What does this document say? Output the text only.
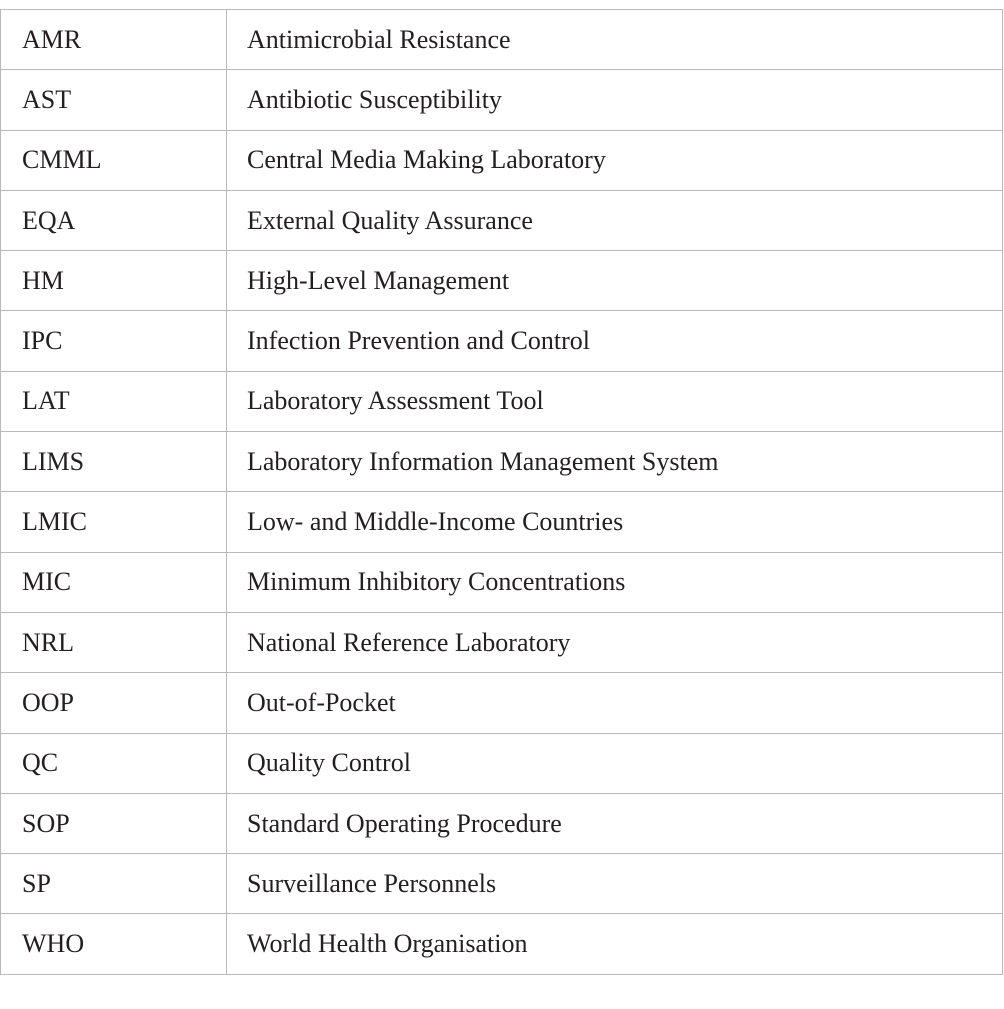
AMR	Antimicrobial Resistance
AST	Antibiotic Susceptibility
CMML	Central Media Making Laboratory
EQA	External Quality Assurance
HM	High-Level Management
IPC	Infection Prevention and Control
LAT	Laboratory Assessment Tool
LIMS	Laboratory Information Management System
LMIC	Low- and Middle-Income Countries
MIC	Minimum Inhibitory Concentrations
NRL	National Reference Laboratory
OOP	Out-of-Pocket
QC	Quality Control
SOP	Standard Operating Procedure
SP	Surveillance Personnels
WHO	World Health Organisation
